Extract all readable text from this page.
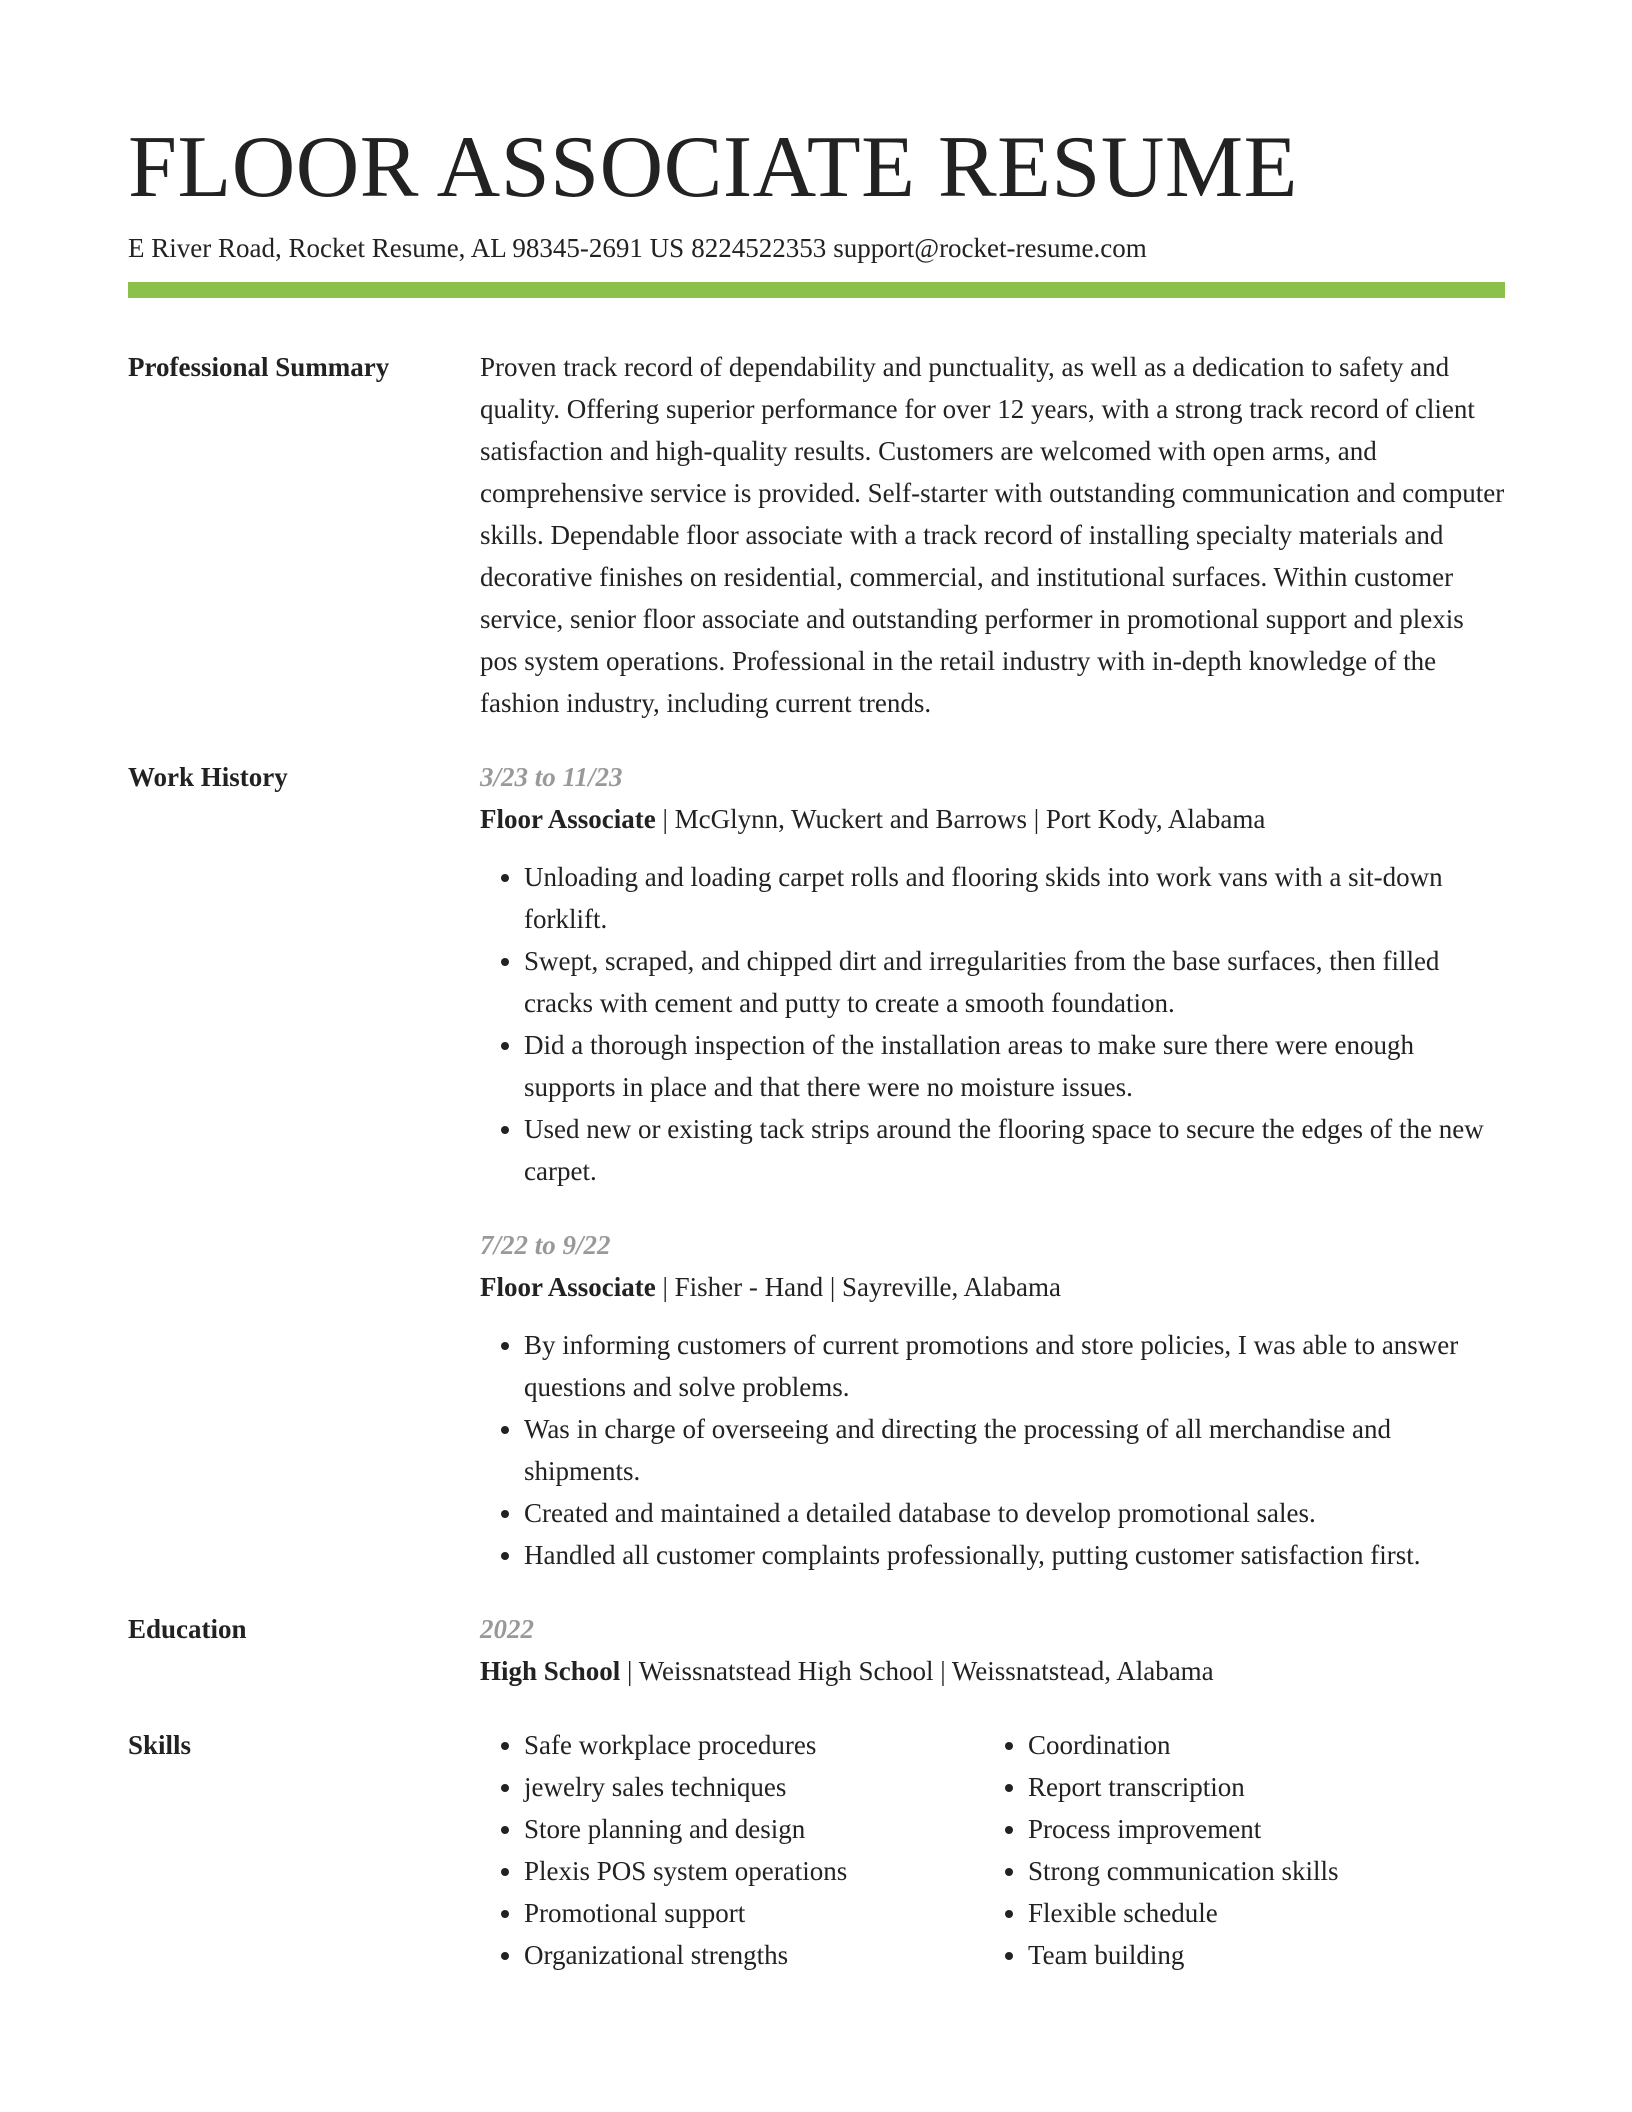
FLOOR ASSOCIATE RESUME
E River Road, Rocket Resume, AL 98345-2691 US 8224522353 support@rocket-resume.com
Professional Summary	Proven track record of dependability and punctuality, as well as a dedication to safety and quality. Offering superior performance for over 12 years, with a strong track record of client satisfaction and high-quality results. Customers are welcomed with open arms, and comprehensive service is provided. Self-starter with outstanding communication and computer skills. Dependable floor associate with a track record of installing specialty materials and decorative finishes on residential, commercial, and institutional surfaces. Within customer service, senior floor associate and outstanding performer in promotional support and plexis pos system operations. Professional in the retail industry with in-depth knowledge of the fashion industry, including current trends.

Work History	3/23 to 11/23
Floor Associate | McGlynn, Wuckert and Barrows | Port Kody, Alabama
• Unloading and loading carpet rolls and flooring skids into work vans with a sit-down forklift.
• Swept, scraped, and chipped dirt and irregularities from the base surfaces, then filled cracks with cement and putty to create a smooth foundation.
• Did a thorough inspection of the installation areas to make sure there were enough supports in place and that there were no moisture issues.
• Used new or existing tack strips around the flooring space to secure the edges of the new carpet.
7/22 to 9/22
Floor Associate | Fisher - Hand | Sayreville, Alabama
• By informing customers of current promotions and store policies, I was able to answer questions and solve problems.
• Was in charge of overseeing and directing the processing of all merchandise and shipments.
• Created and maintained a detailed database to develop promotional sales.
• Handled all customer complaints professionally, putting customer satisfaction first.
Education	2022
High School | Weissnatstead High School | Weissnatstead, Alabama
Skills
•	Safe workplace procedures
• jewelry sales techniques
• Store planning and design
• Plexis POS system operations
• Promotional support
• Organizational strengths
• Coordination
• Report transcription
• Process improvement
• Strong communication skills
• Flexible schedule
• Team building
